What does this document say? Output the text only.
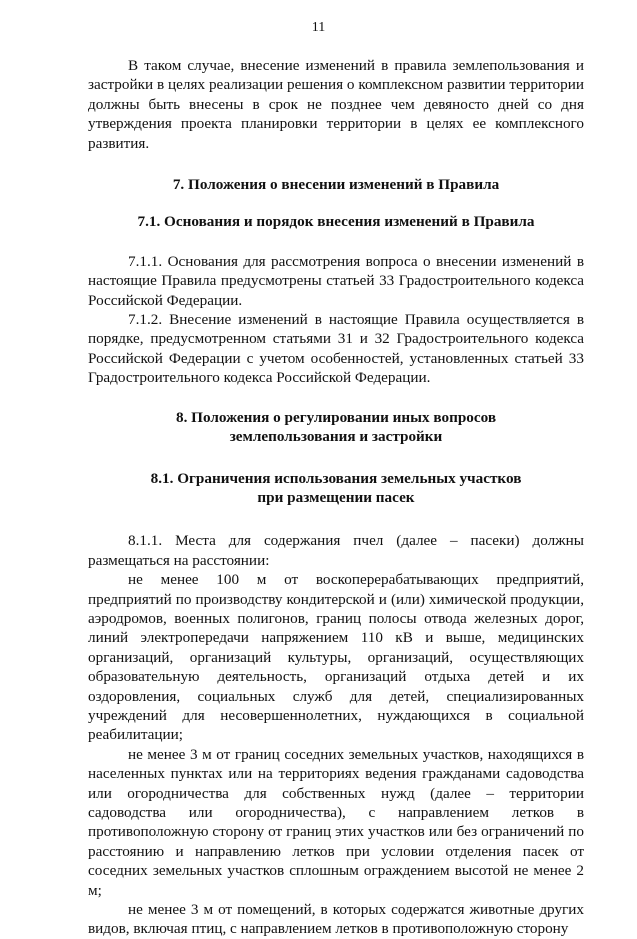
11

В таком случае, внесение изменений в правила землепользования и застройки в целях реализации решения о комплексном развитии территории должны быть внесены в срок не позднее чем девяносто дней со дня утверждения проекта планировки территории в целях ее комплексного развития.

7. Положения о внесении изменений в Правила
7.1. Основания и порядок внесения изменений в Правила

7.1.1. Основания для рассмотрения вопроса о внесении изменений в настоящие Правила предусмотрены статьей 33 Градостроительного кодекса Российской Федерации.

7.1.2. Внесение изменений в настоящие Правила осуществляется в порядке, предусмотренном статьями 31 и 32 Градостроительного кодекса Российской Федерации с учетом особенностей, установленных статьей 33 Градостроительного кодекса Российской Федерации.

8. Положения о регулировании иных вопросов
землепользования и застройки
8.1. Ограничения использования земельных участков
при размещении пасек

8.1.1. Места для содержания пчел (далее – пасеки) должны размещаться на расстоянии:

не менее 100 м от воскоперерабатывающих предприятий, предприятий по производству кондитерской и (или) химической продукции, аэродромов, военных полигонов, границ полосы отвода железных дорог, линий электропередачи напряжением 110 кВ и выше, медицинских организаций, организаций культуры, организаций, осуществляющих образовательную деятельность, организаций отдыха детей и их оздоровления, социальных служб для детей, специализированных учреждений для несовершеннолетних, нуждающихся в социальной реабилитации;

не менее 3 м от границ соседних земельных участков, находящихся в населенных пунктах или на территориях ведения гражданами садоводства или огородничества для собственных нужд (далее – территории садоводства или огородничества), с направлением летков в противоположную сторону от границ этих участков или без ограничений по расстоянию и направлению летков при условии отделения пасек от соседних земельных участков сплошным ограждением высотой не менее 2 м;

не менее 3 м от помещений, в которых содержатся животные других видов, включая птиц, с направлением летков в противоположную сторону
